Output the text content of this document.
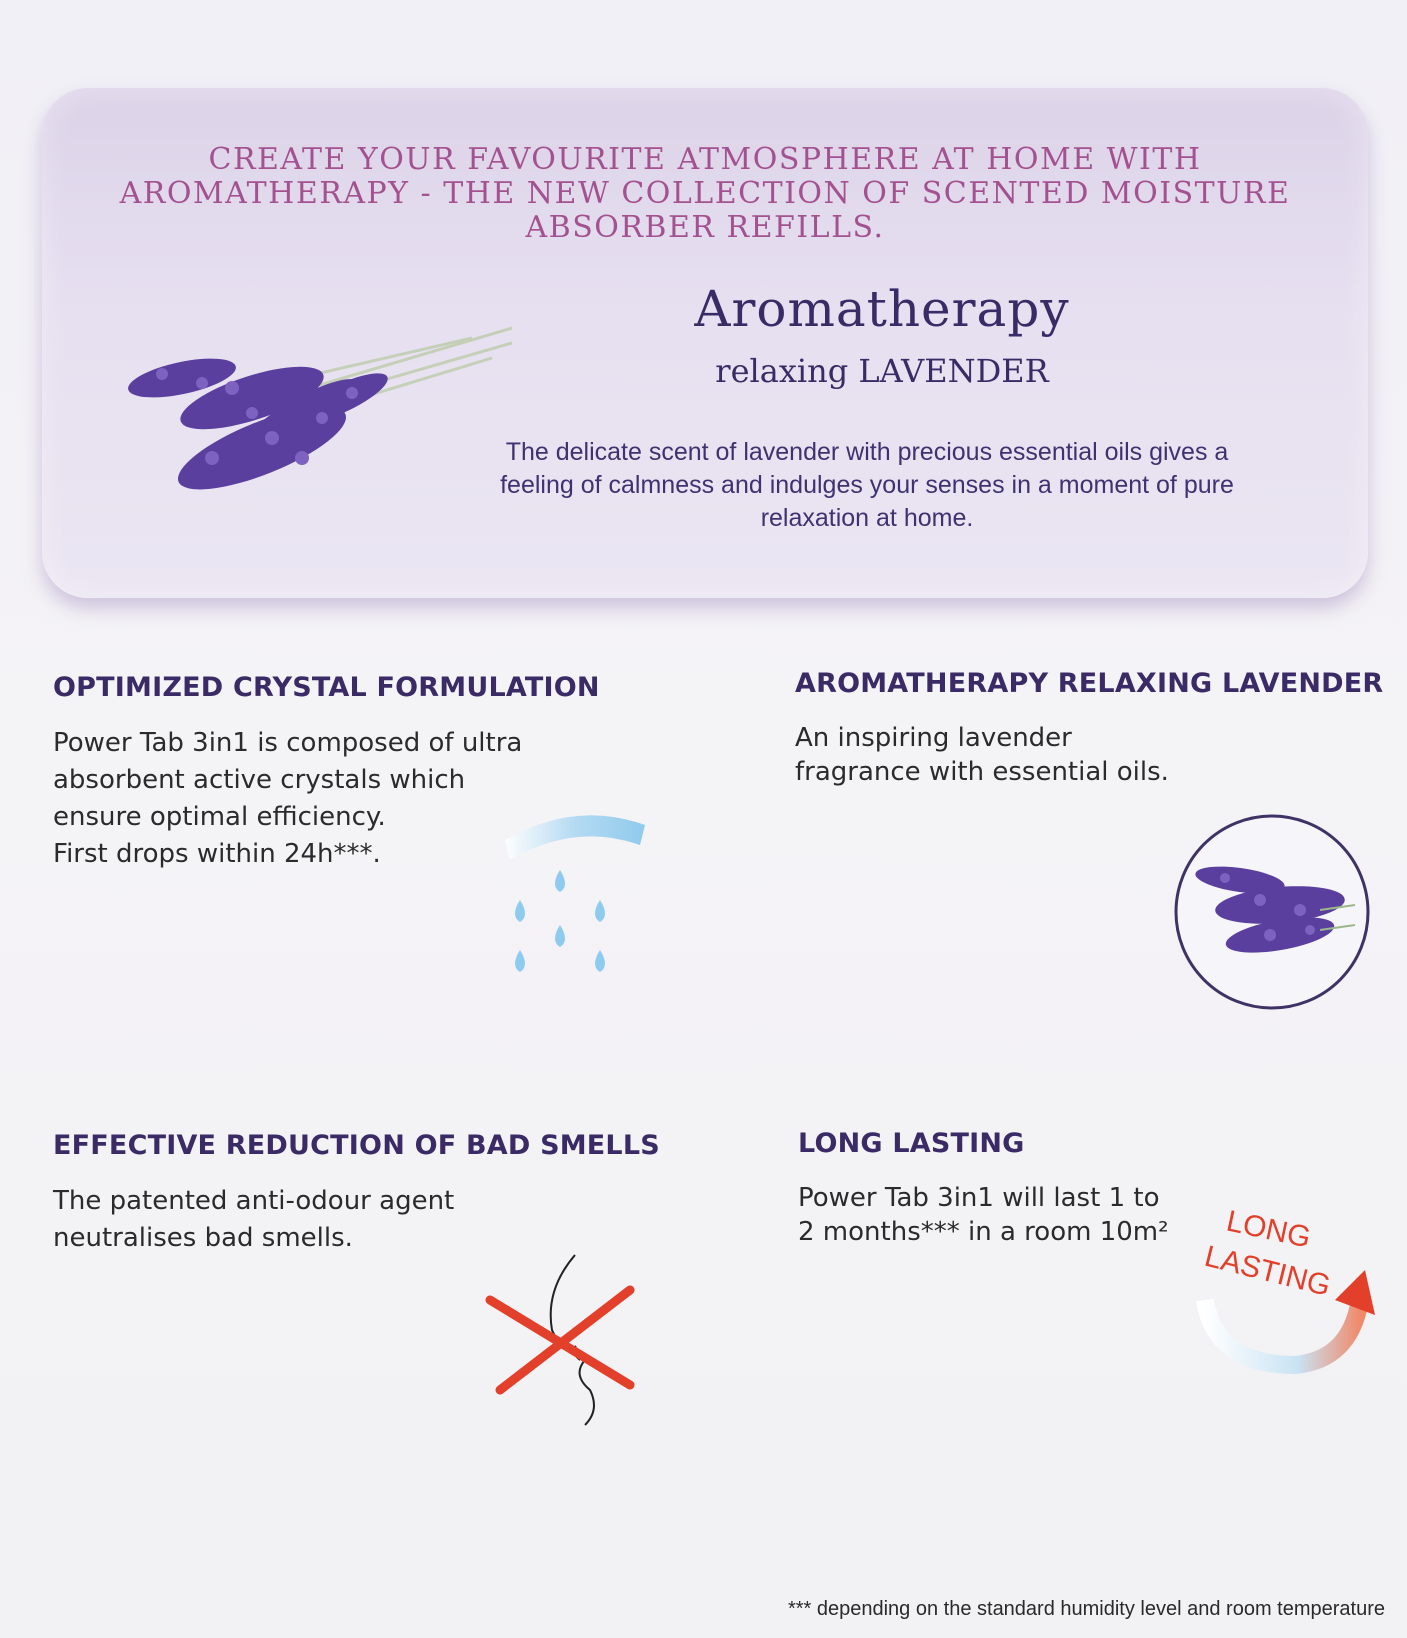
CREATE YOUR FAVOURITE ATMOSPHERE AT HOME WITH
AROMATHERAPY - THE NEW COLLECTION OF SCENTED MOISTURE
ABSORBER REFILLS.
Aromatherapy
relaxing LAVENDER
The delicate scent of lavender with precious essential oils gives a feeling of calmness and indulges your senses in a moment of pure relaxation at home.
OPTIMIZED CRYSTAL FORMULATION

Power Tab 3in1 is composed of ultra
absorbent active crystals which
ensure optimal efficiency.
First drops within 24h***.

AROMATHERAPY RELAXING LAVENDER

An inspiring lavender
fragrance with essential oils.

EFFECTIVE REDUCTION OF BAD SMELLS

The patented anti-odour agent
neutralises bad smells.

LONG LASTING

Power Tab 3in1 will last 1 to
2 months*** in a room 10m²	LONG
LASTING
*** depending on the standard humidity level and room temperature
